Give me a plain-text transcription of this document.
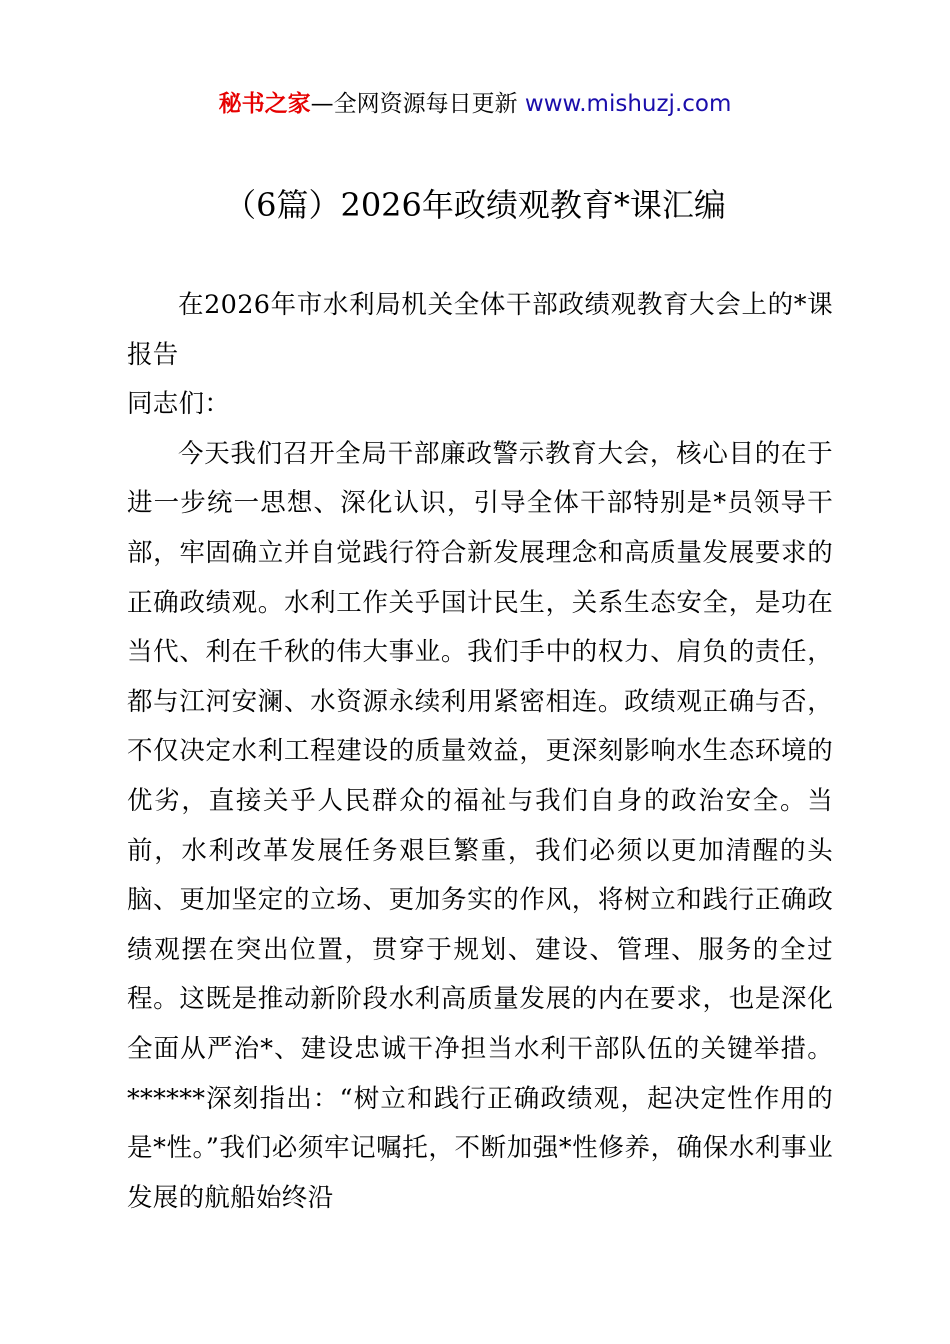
秘书之家—全网资源每日更新 www.mishuzj.com
（6篇）2026年政绩观教育*课汇编

在2026年市水利局机关全体干部政绩观教育大会上的*课报告

同志们：

今天我们召开全局干部廉政警示教育大会，核心目的在于进一步统一思想、深化认识，引导全体干部特别是*员领导干部，牢固确立并自觉践行符合新发展理念和高质量发展要求的正确政绩观。水利工作关乎国计民生，关系生态安全，是功在当代、利在千秋的伟大事业。我们手中的权力、肩负的责任，都与江河安澜、水资源永续利用紧密相连。政绩观正确与否，不仅决定水利工程建设的质量效益，更深刻影响水生态环境的优劣，直接关乎人民群众的福祉与我们自身的政治安全。当前，水利改革发展任务艰巨繁重，我们必须以更加清醒的头脑、更加坚定的立场、更加务实的作风，将树立和践行正确政绩观摆在突出位置，贯穿于规划、建设、管理、服务的全过程。这既是推动新阶段水利高质量发展的内在要求，也是深化全面从严治*、建设忠诚干净担当水利干部队伍的关键举措。******深刻指出：“树立和践行正确政绩观，起决定性作用的是*性。”我们必须牢记嘱托，不断加强*性修养，确保水利事业发展的航船始终沿
